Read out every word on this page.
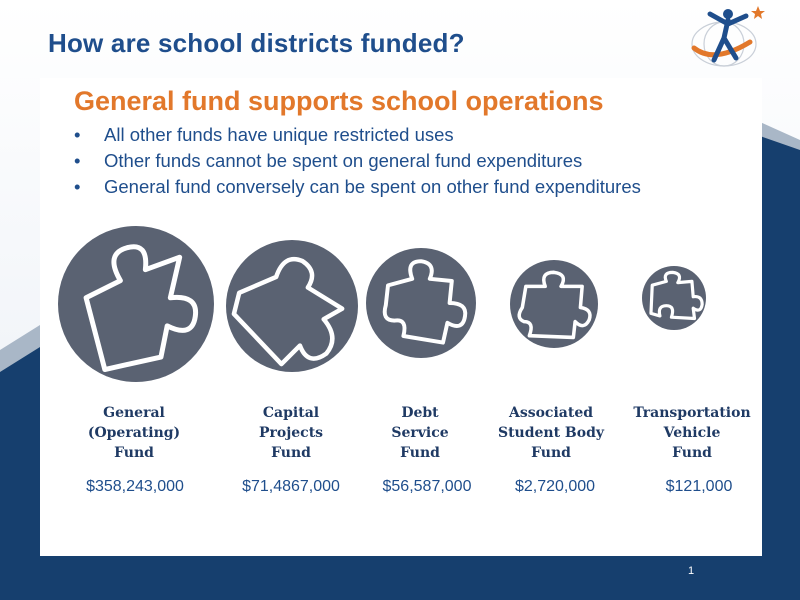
How are school districts funded?
General fund supports school operations
• All other funds have unique restricted uses
• Other funds cannot be spent on general fund expenditures
• General fund conversely can be spent on other fund expenditures
General
(Operating)
Fund
Capital
Projects
Fund
Debt
Service
Fund
Associated
Student Body
Fund
Transportation
Vehicle
Fund
$358,243,000	$71,4867,000	$56,587,000	$2,720,000	$121,000
1
